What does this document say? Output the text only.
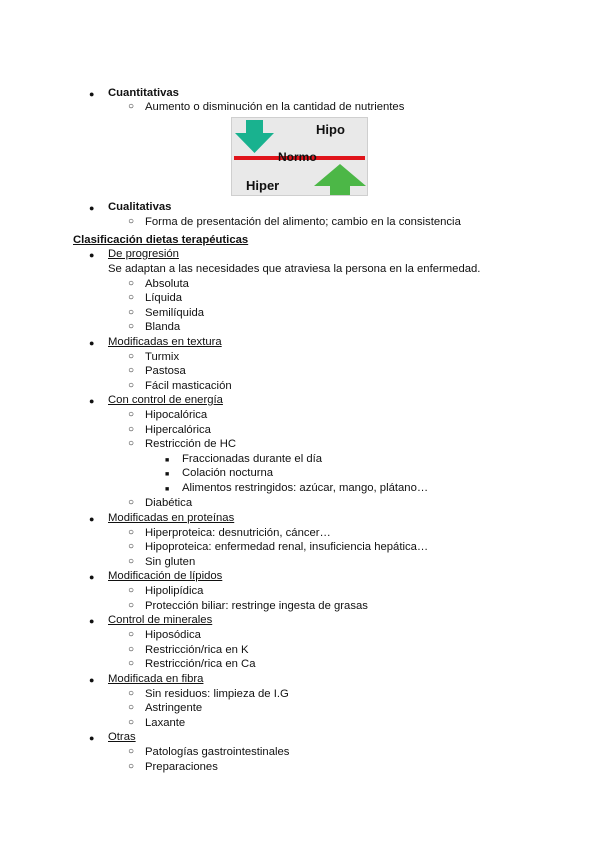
● Cuantitativas
○ Aumento o disminución en la cantidad de nutrientes
Hipo
Normo
Hiper
● Cualitativas
○ Forma de presentación del alimento; cambio en la consistencia
Clasificación dietas terapéuticas
● De progresión
Se adaptan a las necesidades que atraviesa la persona en la enfermedad.
○ Absoluta
○ Líquida
○ Semilíquida
○ Blanda
● Modificadas en textura
○ Turmix
○ Pastosa
○ Fácil masticación
● Con control de energía
○ Hipocalórica
○ Hipercalórica
○ Restricción de HC
■ Fraccionadas durante el día
■ Colación nocturna
■ Alimentos restringidos: azúcar, mango, plátano…
○ Diabética
● Modificadas en proteínas
○ Hiperproteica: desnutrición, cáncer…
○ Hipoproteica: enfermedad renal, insuficiencia hepática…
○ Sin gluten
● Modificación de lípidos
○ Hipolipídica
○ Protección biliar: restringe ingesta de grasas
● Control de minerales
○ Hiposódica
○ Restricción/rica en K
○ Restricción/rica en Ca
● Modificada en fibra
○ Sin residuos: limpieza de I.G
○ Astringente
○ Laxante
● Otras
○ Patologías gastrointestinales
○ Preparaciones
